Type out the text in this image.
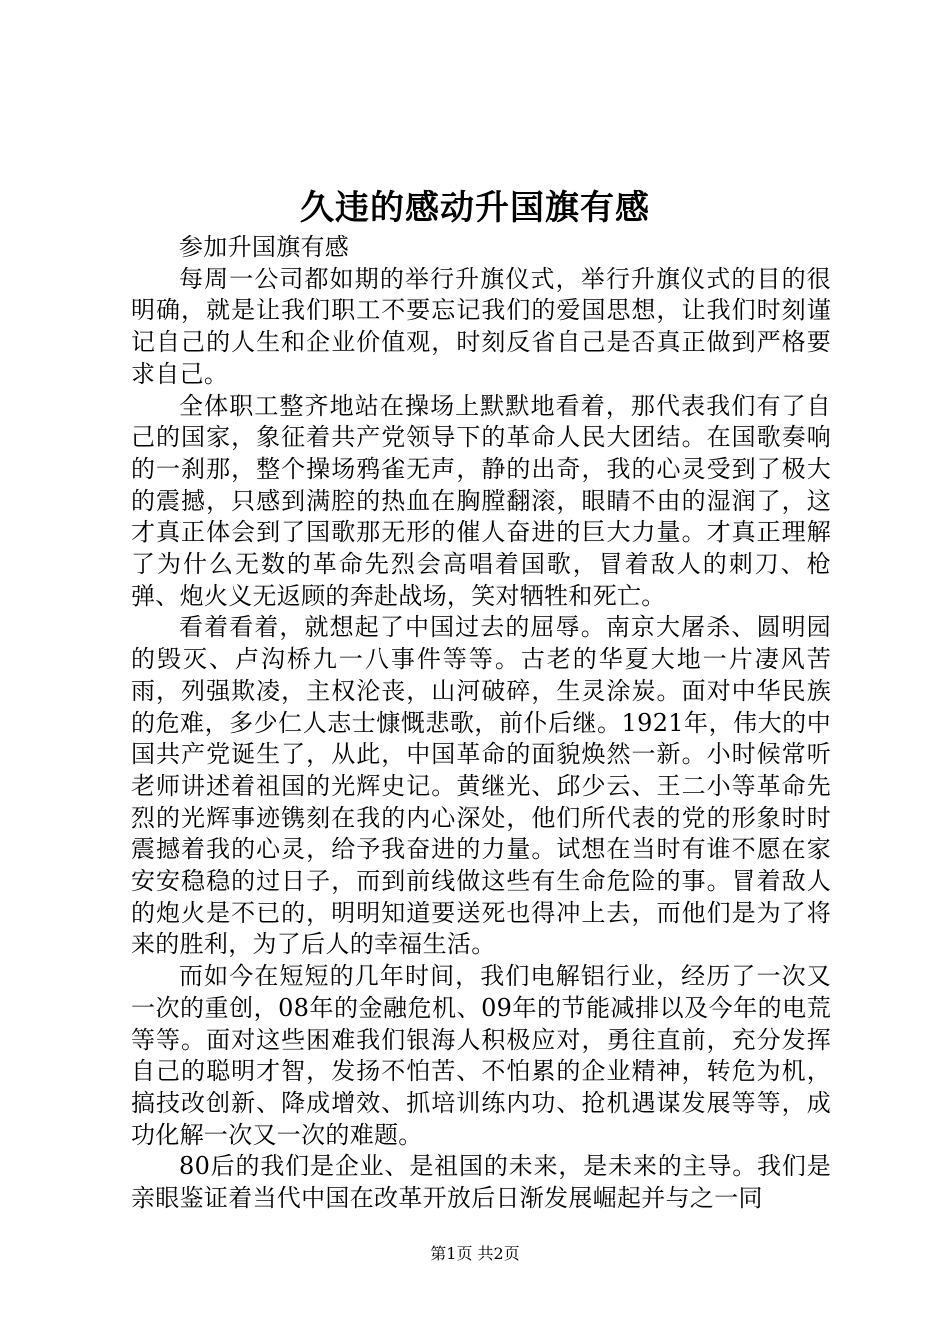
久违的感动升国旗有感

参加升国旗有感

每周一公司都如期的举行升旗仪式，举行升旗仪式的目的很明确，就是让我们职工不要忘记我们的爱国思想，让我们时刻谨记自己的人生和企业价值观，时刻反省自己是否真正做到严格要求自己。

全体职工整齐地站在操场上默默地看着，那代表我们有了自己的国家，象征着共产党领导下的革命人民大团结。在国歌奏响的一刹那，整个操场鸦雀无声，静的出奇，我的心灵受到了极大的震撼，只感到满腔的热血在胸膛翻滚，眼睛不由的湿润了，这才真正体会到了国歌那无形的催人奋进的巨大力量。才真正理解了为什么无数的革命先烈会高唱着国歌，冒着敌人的刺刀、枪弹、炮火义无返顾的奔赴战场，笑对牺牲和死亡。

看着看着，就想起了中国过去的屈辱。南京大屠杀、圆明园的毁灭、卢沟桥九一八事件等等。古老的华夏大地一片凄风苦雨，列强欺凌，主权沦丧，山河破碎，生灵涂炭。面对中华民族的危难，多少仁人志士慷慨悲歌，前仆后继。1921年，伟大的中国共产党诞生了，从此，中国革命的面貌焕然一新。小时候常听老师讲述着祖国的光辉史记。黄继光、邱少云、王二小等革命先烈的光辉事迹镌刻在我的内心深处，他们所代表的党的形象时时震撼着我的心灵，给予我奋进的力量。试想在当时有谁不愿在家安安稳稳的过日子，而到前线做这些有生命危险的事。冒着敌人的炮火是不已的，明明知道要送死也得冲上去，而他们是为了将来的胜利，为了后人的幸福生活。

而如今在短短的几年时间，我们电解铝行业，经历了一次又一次的重创，08年的金融危机、09年的节能减排以及今年的电荒等等。面对这些困难我们银海人积极应对，勇往直前，充分发挥自己的聪明才智，发扬不怕苦、不怕累的企业精神，转危为机，搞技改创新、降成增效、抓培训练内功、抢机遇谋发展等等，成功化解一次又一次的难题。

80后的我们是企业、是祖国的未来，是未来的主导。我们是亲眼鉴证着当代中国在改革开放后日渐发展崛起并与之一同

第1页 共2页
